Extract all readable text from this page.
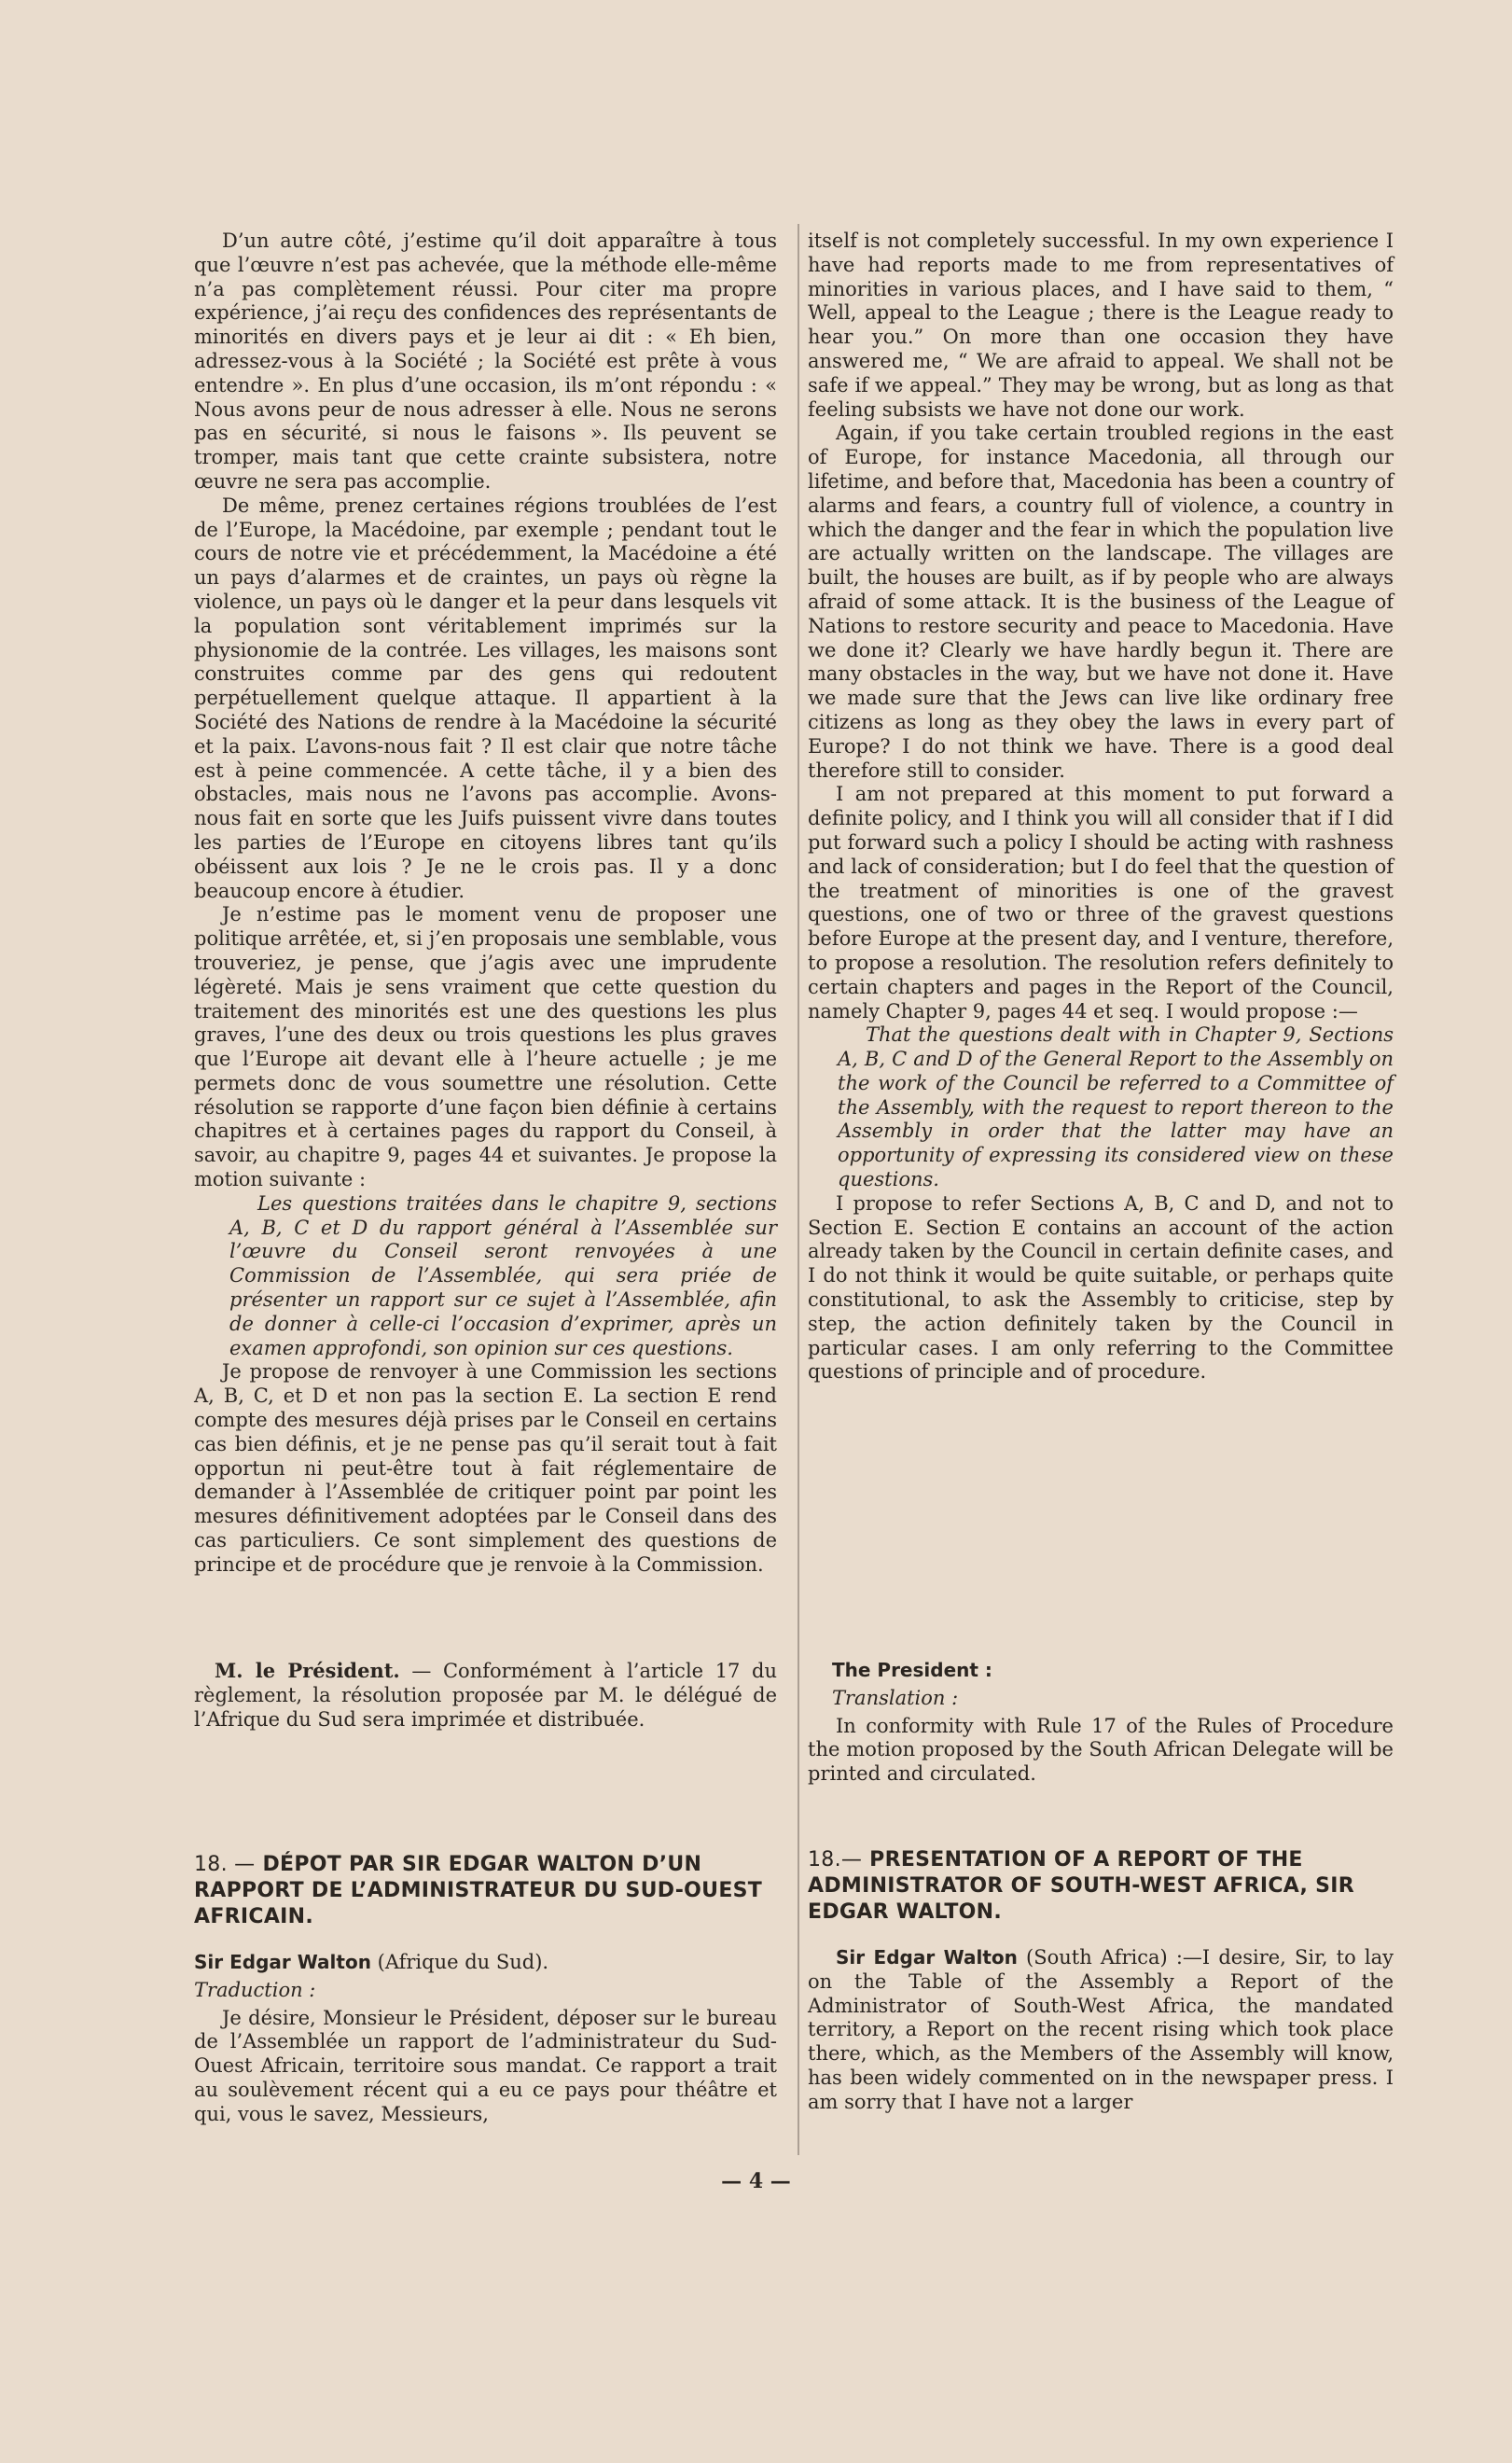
D’un autre côté, j’estime qu’il doit apparaître à tous que l’œuvre n’est pas achevée, que la méthode elle-même n’a pas complètement réussi. Pour citer ma propre expérience, j’ai reçu des confidences des représentants de minorités en divers pays et je leur ai dit : « Eh bien, adressez-vous à la Société ; la Société est prête à vous entendre ». En plus d’une occasion, ils m’ont répondu : « Nous avons peur de nous adresser à elle. Nous ne serons pas en sécurité, si nous le faisons ». Ils peuvent se tromper, mais tant que cette crainte subsistera, notre œuvre ne sera pas accomplie.

De même, prenez certaines régions troublées de l’est de l’Europe, la Macédoine, par exemple ; pendant tout le cours de notre vie et précédemment, la Macédoine a été un pays d’alarmes et de craintes, un pays où règne la violence, un pays où le danger et la peur dans lesquels vit la population sont véritablement imprimés sur la physionomie de la contrée. Les villages, les maisons sont construites comme par des gens qui redoutent perpétuellement quelque attaque. Il appartient à la Société des Nations de rendre à la Macédoine la sécurité et la paix. L’avons-nous fait ? Il est clair que notre tâche est à peine commencée. A cette tâche, il y a bien des obstacles, mais nous ne l’avons pas accomplie. Avons-nous fait en sorte que les Juifs puissent vivre dans toutes les parties de l’Europe en citoyens libres tant qu’ils obéissent aux lois ? Je ne le crois pas. Il y a donc beaucoup encore à étudier.

Je n’estime pas le moment venu de proposer une politique arrêtée, et, si j’en proposais une semblable, vous trouveriez, je pense, que j’agis avec une imprudente légèreté. Mais je sens vraiment que cette question du traitement des minorités est une des questions les plus graves, l’une des deux ou trois questions les plus graves que l’Europe ait devant elle à l’heure actuelle ; je me permets donc de vous soumettre une résolution. Cette résolution se rapporte d’une façon bien définie à certains chapitres et à certaines pages du rapport du Conseil, à savoir, au chapitre 9, pages 44 et suivantes. Je propose la motion suivante :

Les questions traitées dans le chapitre 9, sections A, B, C et D du rapport général à l’Assemblée sur l’œuvre du Conseil seront renvoyées à une Commission de l’Assemblée, qui sera priée de présenter un rapport sur ce sujet à l’Assemblée, afin de donner à celle-ci l’occasion d’exprimer, après un examen approfondi, son opinion sur ces questions.

Je propose de renvoyer à une Commission les sections A, B, C, et D et non pas la section E. La section E rend compte des mesures déjà prises par le Conseil en certains cas bien définis, et je ne pense pas qu’il serait tout à fait opportun ni peut-être tout à fait réglementaire de demander à l’Assemblée de critiquer point par point les mesures définitivement adoptées par le Conseil dans des cas particuliers. Ce sont simplement des questions de principe et de procédure que je renvoie à la Commission.

M. le Président. — Conformément à l’article 17 du règlement, la résolution proposée par M. le délégué de l’Afrique du Sud sera imprimée et distribuée.

18. — DÉPOT PAR SIR EDGAR WALTON D’UN RAPPORT DE L’ADMINISTRATEUR DU SUD-OUEST AFRICAIN.

Sir Edgar Walton (Afrique du Sud).

Traduction :

Je désire, Monsieur le Président, déposer sur le bureau de l’Assemblée un rapport de l’administrateur du Sud-Ouest Africain, territoire sous mandat. Ce rapport a trait au soulèvement récent qui a eu ce pays pour théâtre et qui, vous le savez, Messieurs,

itself is not completely successful. In my own experience I have had reports made to me from representatives of minorities in various places, and I have said to them, “ Well, appeal to the League ; there is the League ready to hear you.” On more than one occasion they have answered me, “ We are afraid to appeal. We shall not be safe if we appeal.” They may be wrong, but as long as that feeling subsists we have not done our work.

Again, if you take certain troubled regions in the east of Europe, for instance Macedonia, all through our lifetime, and before that, Macedonia has been a country of alarms and fears, a country full of violence, a country in which the danger and the fear in which the population live are actually written on the landscape. The villages are built, the houses are built, as if by people who are always afraid of some attack. It is the business of the League of Nations to restore security and peace to Macedonia. Have we done it? Clearly we have hardly begun it. There are many obstacles in the way, but we have not done it. Have we made sure that the Jews can live like ordinary free citizens as long as they obey the laws in every part of Europe? I do not think we have. There is a good deal therefore still to consider.

I am not prepared at this moment to put forward a definite policy, and I think you will all consider that if I did put forward such a policy I should be acting with rashness and lack of consideration; but I do feel that the question of the treatment of minorities is one of the gravest questions, one of two or three of the gravest questions before Europe at the present day, and I venture, therefore, to propose a resolution. The resolution refers definitely to certain chapters and pages in the Report of the Council, namely Chapter 9, pages 44 et seq. I would propose :—

That the questions dealt with in Chapter 9, Sections A, B, C and D of the General Report to the Assembly on the work of the Council be referred to a Committee of the Assembly, with the request to report thereon to the Assembly in order that the latter may have an opportunity of expressing its considered view on these questions.

I propose to refer Sections A, B, C and D, and not to Section E. Section E contains an account of the action already taken by the Council in certain definite cases, and I do not think it would be quite suitable, or perhaps quite constitutional, to ask the Assembly to criticise, step by step, the action definitely taken by the Council in particular cases. I am only referring to the Committee questions of principle and of procedure.

The President :

Translation :

In conformity with Rule 17 of the Rules of Procedure the motion proposed by the South African Delegate will be printed and circulated.

18.— PRESENTATION OF A REPORT OF THE ADMINISTRATOR OF SOUTH-WEST AFRICA, SIR EDGAR WALTON.

Sir Edgar Walton (South Africa) :—I desire, Sir, to lay on the Table of the Assembly a Report of the Administrator of South-West Africa, the mandated territory, a Report on the recent rising which took place there, which, as the Members of the Assembly will know, has been widely commented on in the newspaper press. I am sorry that I have not a larger

— 4 —
